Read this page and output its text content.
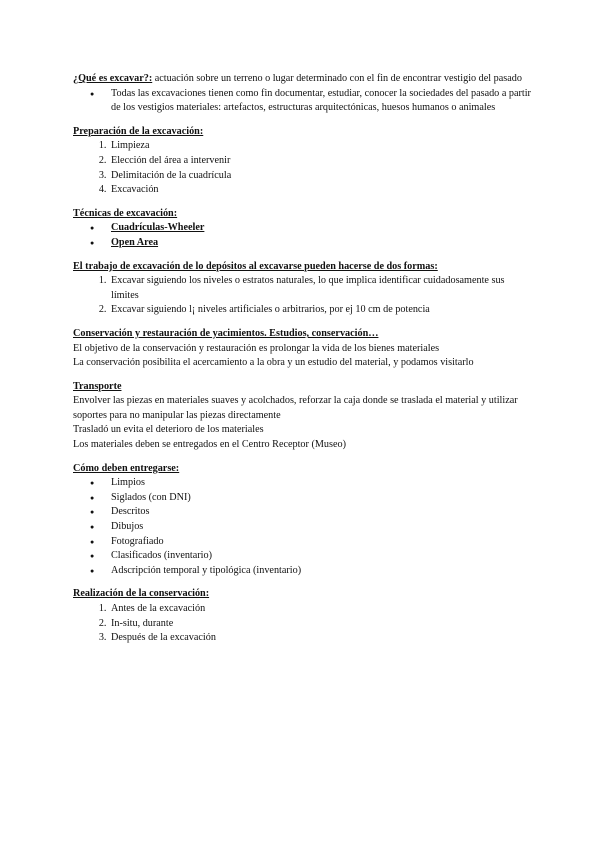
¿Qué es excavar?: actuación sobre un terreno o lugar determinado con el fin de encontrar vestigio del pasado

● Todas las excavaciones tienen como fin documentar, estudiar, conocer la sociedades del pasado a partir de los vestigios materiales: artefactos, estructuras arquitectónicas, huesos humanos o animales

Preparación de la excavación:

1. Limpieza
2. Elección del área a intervenir
3. Delimitación de la cuadrícula
4. Excavación

Técnicas de excavación:

● Cuadrículas-Wheeler
● Open Area

El trabajo de excavación de lo depósitos al excavarse pueden hacerse de dos formas:

1. Excavar siguiendo los niveles o estratos naturales, lo que implica identificar cuidadosamente sus límites
2. Excavar siguiendo l¡ niveles artificiales o arbitrarios, por ej 10 cm de potencia

Conservación y restauración de yacimientos. Estudios, conservación…

El objetivo de la conservación y restauración es prolongar la vida de los bienes materiales

La conservación posibilita el acercamiento a la obra y un estudio del material, y podamos visitarlo

Transporte

Envolver las piezas en materiales suaves y acolchados, reforzar la caja donde se traslada el material y utilizar soportes para no manipular las piezas directamente

Trasladó un evita el deterioro de los materiales

Los materiales deben se entregados en el Centro Receptor (Museo)

Cómo deben entregarse:

● Limpios
● Siglados (con DNI)
● Descritos
● Dibujos
● Fotografiado
● Clasificados (inventario)
● Adscripción temporal y tipológica (inventario)

Realización de la conservación:

1. Antes de la excavación
2. In-situ, durante
3. Después de la excavación
